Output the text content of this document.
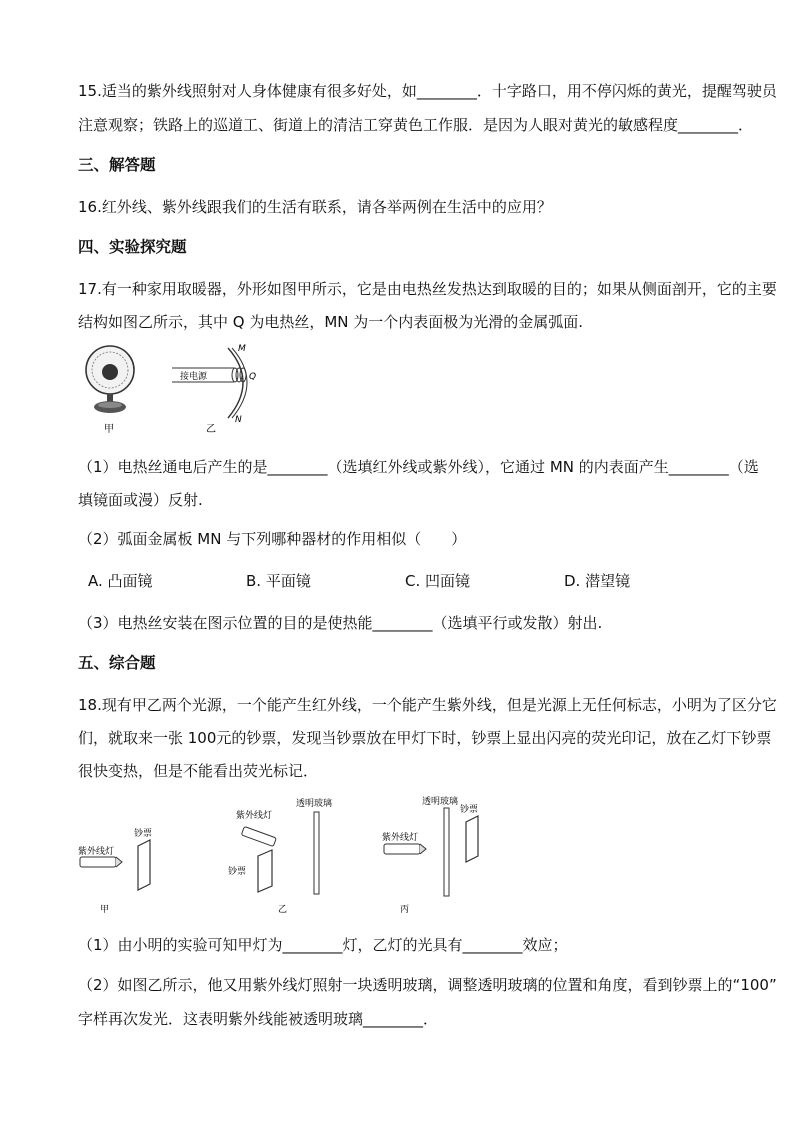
15.适当的紫外线照射对人身体健康有很多好处，如________．十字路口，用不停闪烁的黄光，提醒驾驶员
注意观察；铁路上的巡道工、街道上的清洁工穿黄色工作服．是因为人眼对黄光的敏感程度________．
三、解答题
16.红外线、紫外线跟我们的生活有联系，请各举两例在生活中的应用？
四、实验探究题
17.有一种家用取暖器，外形如图甲所示，它是由电热丝发热达到取暖的目的；如果从侧面剖开，它的主要
结构如图乙所示，其中 Q 为电热丝，MN 为一个内表面极为光滑的金属弧面.
甲
接电源
M
Q
N
乙
（1）电热丝通电后产生的是________（选填红外线或紫外线），它通过 MN 的内表面产生________（选
填镜面或漫）反射.
（2）弧面金属板 MN 与下列哪种器材的作用相似（　　）
A. 凸面镜	B. 平面镜	C. 凹面镜	D. 潜望镜
（3）电热丝安装在图示位置的目的是使热能________（选填平行或发散）射出.
五、综合题
18.现有甲乙两个光源，一个能产生红外线，一个能产生紫外线，但是光源上无任何标志，小明为了区分它
们，就取来一张 100元的钞票，发现当钞票放在甲灯下时，钞票上显出闪亮的荧光印记，放在乙灯下钞票
很快变热，但是不能看出荧光标记．
紫外线灯
钞票
甲
紫外线灯
透明玻璃
钞票
乙
透明玻璃
紫外线灯
钞票
丙
（1）由小明的实验可知甲灯为________灯，乙灯的光具有________效应；
（2）如图乙所示，他又用紫外线灯照射一块透明玻璃，调整透明玻璃的位置和角度，看到钞票上的“100”
字样再次发光．这表明紫外线能被透明玻璃________．
